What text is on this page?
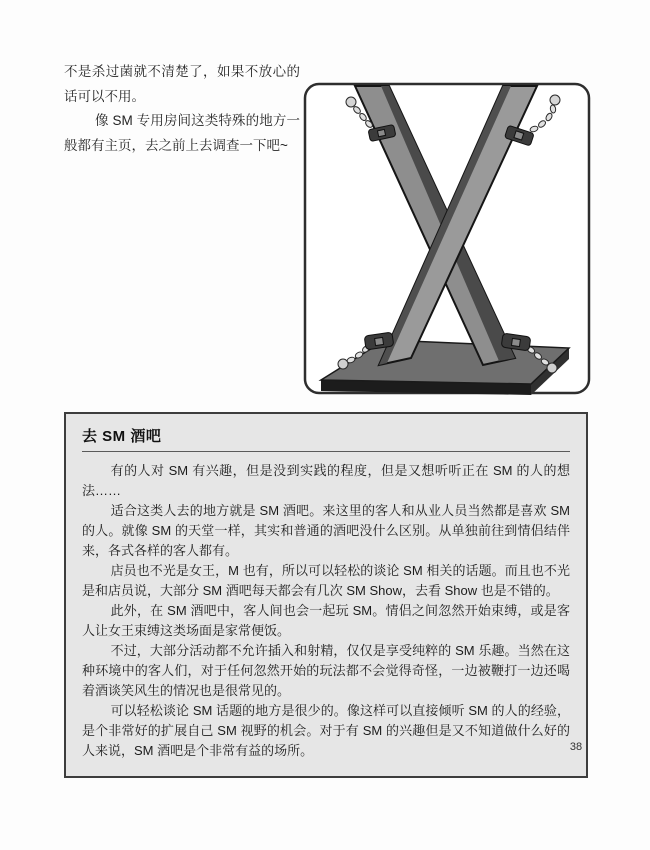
不是杀过菌就不清楚了，如果不放心的话可以不用。

像 SM 专用房间这类特殊的地方一般都有主页，去之前上去调查一下吧~

去 SM 酒吧

有的人对 SM 有兴趣，但是没到实践的程度，但是又想听听正在 SM 的人的想法……

适合这类人去的地方就是 SM 酒吧。来这里的客人和从业人员当然都是喜欢 SM 的人。就像 SM 的天堂一样，其实和普通的酒吧没什么区别。从单独前往到情侣结伴来，各式各样的客人都有。

店员也不光是女王，M 也有，所以可以轻松的谈论 SM 相关的话题。而且也不光是和店员说，大部分 SM 酒吧每天都会有几次 SM Show，去看 Show 也是不错的。

此外，在 SM 酒吧中，客人间也会一起玩 SM。情侣之间忽然开始束缚，或是客人让女王束缚这类场面是家常便饭。

不过，大部分活动都不允许插入和射精，仅仅是享受纯粹的 SM 乐趣。当然在这种环境中的客人们，对于任何忽然开始的玩法都不会觉得奇怪，一边被鞭打一边还喝着酒谈笑风生的情况也是很常见的。

可以轻松谈论 SM 话题的地方是很少的。像这样可以直接倾听 SM 的人的经验，是个非常好的扩展自己 SM 视野的机会。对于有 SM 的兴趣但是又不知道做什么好的人来说，SM 酒吧是个非常有益的场所。	38
